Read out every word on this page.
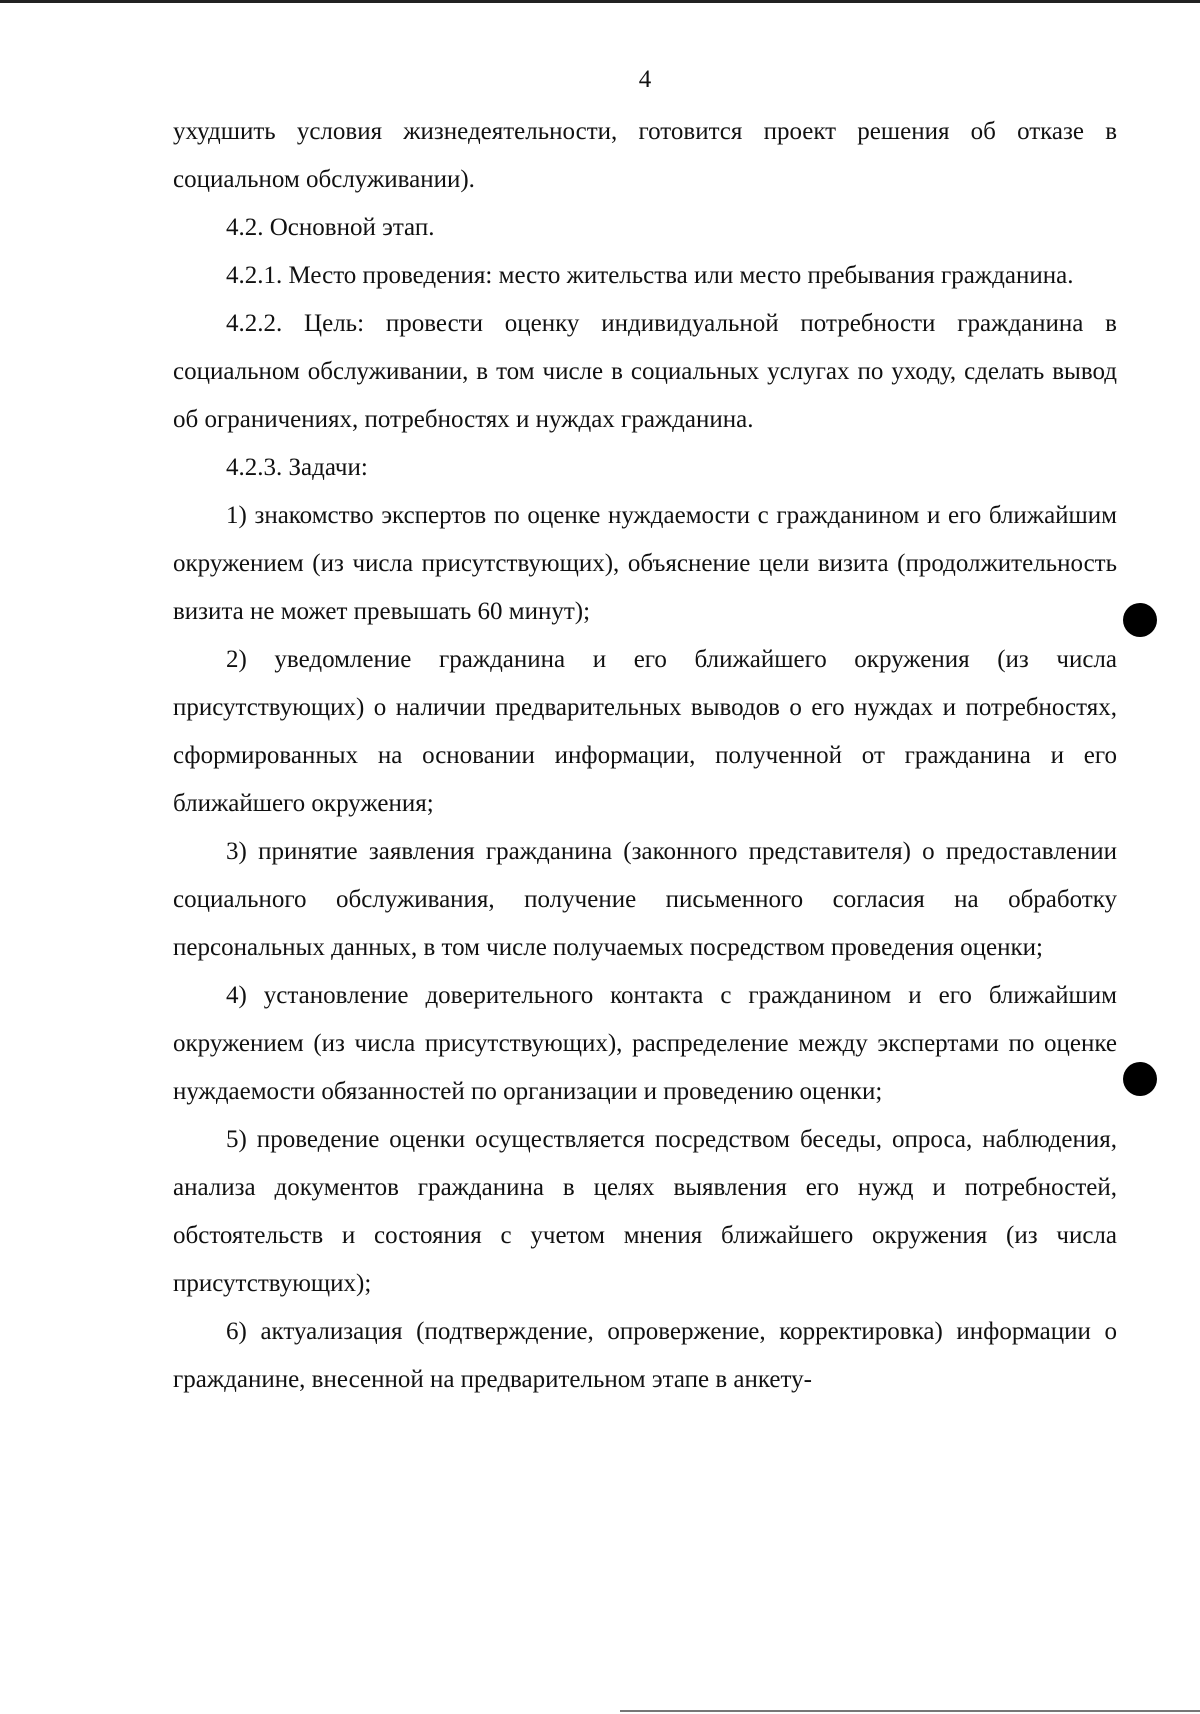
4

ухудшить условия жизнедеятельности, готовится проект решения об отказе в социальном обслуживании).

4.2. Основной этап.

4.2.1. Место проведения: место жительства или место пребывания гражданина.

4.2.2. Цель: провести оценку индивидуальной потребности гражданина в социальном обслуживании, в том числе в социальных услугах по уходу, сделать вывод об ограничениях, потребностях и нуждах гражданина.

4.2.3. Задачи:

1) знакомство экспертов по оценке нуждаемости с гражданином и его ближайшим окружением (из числа присутствующих), объяснение цели визита (продолжительность визита не может превышать 60 минут);

2) уведомление гражданина и его ближайшего окружения (из числа присутствующих) о наличии предварительных выводов о его нуждах и потребностях, сформированных на основании информации, полученной от гражданина и его ближайшего окружения;

3) принятие заявления гражданина (законного представителя) о предоставлении социального обслуживания, получение письменного согласия на обработку персональных данных, в том числе получаемых посредством проведения оценки;

4) установление доверительного контакта с гражданином и его ближайшим окружением (из числа присутствующих), распределение между экспертами по оценке нуждаемости обязанностей по организации и проведению оценки;

5) проведение оценки осуществляется посредством беседы, опроса, наблюдения, анализа документов гражданина в целях выявления его нужд и потребностей, обстоятельств и состояния с учетом мнения ближайшего окружения (из числа присутствующих);

6) актуализация (подтверждение, опровержение, корректировка) информации о гражданине, внесенной на предварительном этапе в анкету-
